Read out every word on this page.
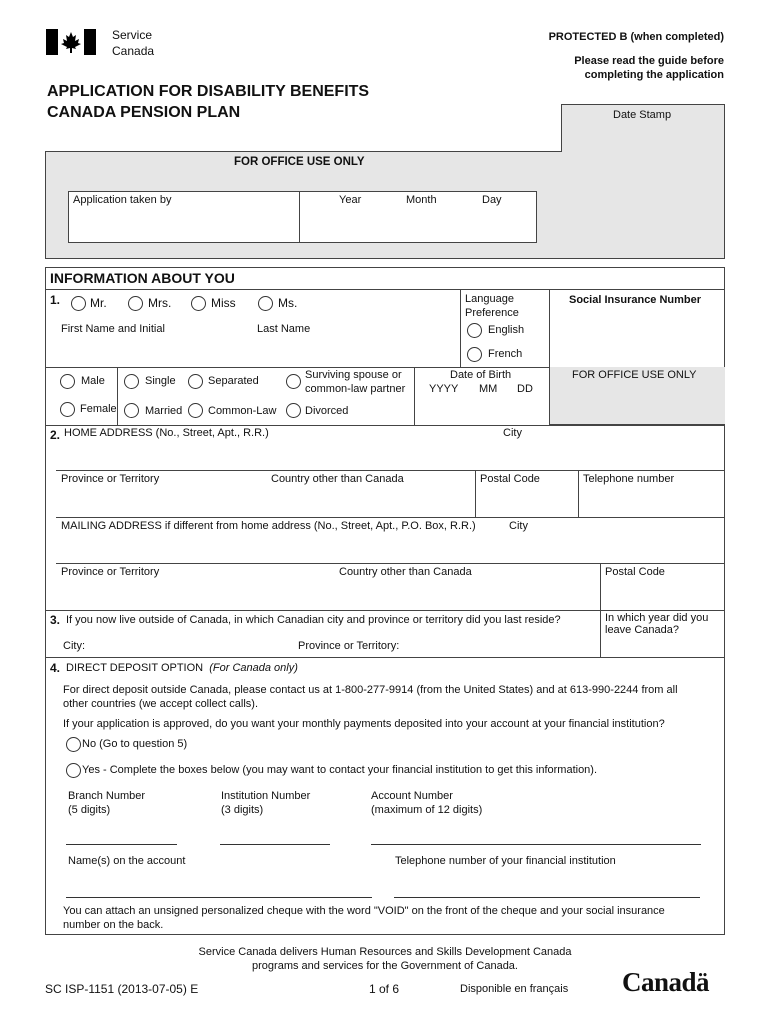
Service
Canada
PROTECTED B (when completed)
Please read the guide before
completing the application
APPLICATION FOR DISABILITY BENEFITS
CANADA PENSION PLAN	Date Stamp
FOR OFFICE USE ONLY
Application taken by	Year	Month	Day
INFORMATION ABOUT YOU
1. Mr.	Mrs.	Miss	Ms.
First Name and Initial	Last Name
Language
Preference
English
French
Social Insurance Number
Male
Female
Single
Married
Separated
Common-Law
Surviving spouse or
common-law partner
Divorced
Date of Birth
YYYY MM DD
FOR OFFICE USE ONLY
2. HOME ADDRESS (No., Street, Apt., R.R.)	City
Province or Territory	Country other than Canada	Postal Code	Telephone number
MAILING ADDRESS if different from home address (No., Street, Apt., P.O. Box, R.R.)	City
Province or Territory	Country other than Canada	Postal Code
3. If you now live outside of Canada, in which Canadian city and province or territory did you last reside?	In which year did you
leave Canada?
City:	Province or Territory:
4. DIRECT DEPOSIT OPTION (For Canada only)
For direct deposit outside Canada, please contact us at 1-800-277-9914 (from the United States) and at 613-990-2244 from all
other countries (we accept collect calls).
If your application is approved, do you want your monthly payments deposited into your account at your financial institution?
No (Go to question 5)
Yes - Complete the boxes below (you may want to contact your financial institution to get this information).
Branch Number
(5 digits)
Institution Number
(3 digits)
Account Number
(maximum of 12 digits)
Name(s) on the account	Telephone number of your financial institution
You can attach an unsigned personalized cheque with the word "VOID" on the front of the cheque and your social insurance
number on the back.
Service Canada delivers Human Resources and Skills Development Canada
programs and services for the Government of Canada.
SC ISP-1151 (2013-07-05) E	1 of 6	Disponible en français Canadä
